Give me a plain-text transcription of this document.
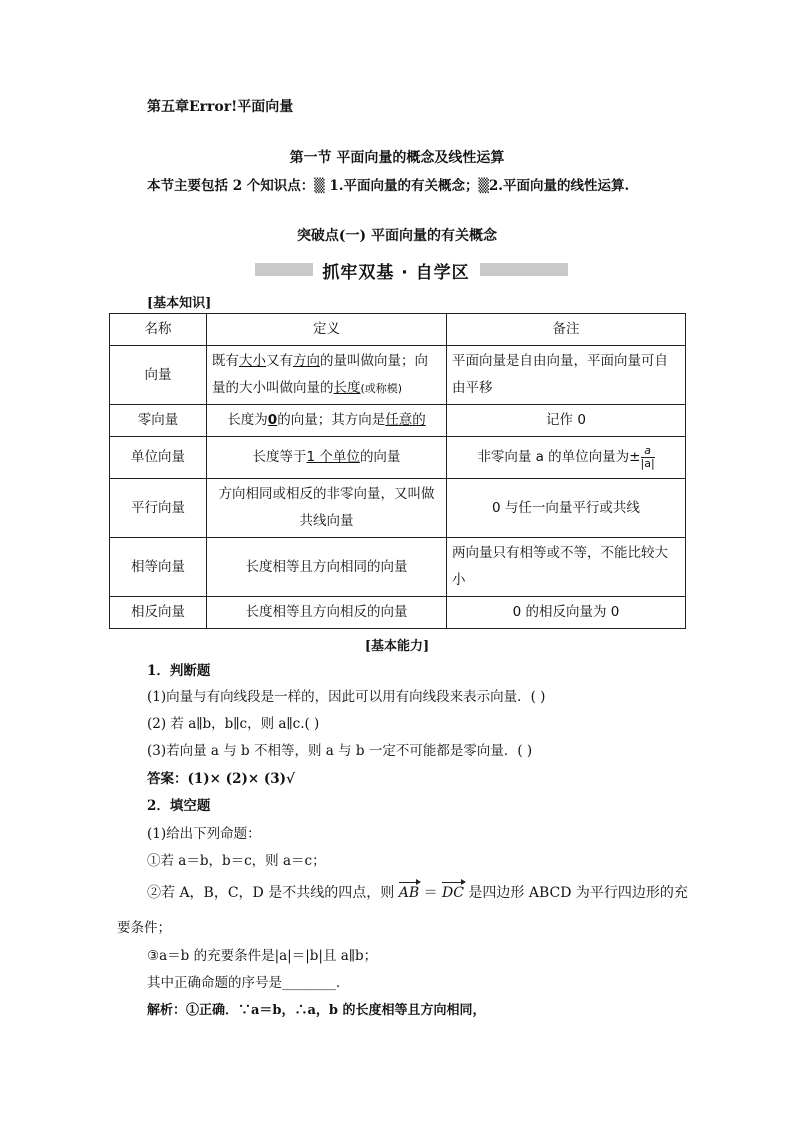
第五章Error!平面向量
第一节 平面向量的概念及线性运算
本节主要包括 2 个知识点：▒ 1.平面向量的有关概念；▒2.平面向量的线性运算.
突破点(一) 平面向量的有关概念
抓牢双基 · 自学区
[基本知识]
名称	定义	备注
向量	既有大小又有方向的量叫做向量；向量的大小叫做向量的长度(或称模)	平面向量是自由向量，平面向量可自由平移
零向量	长度为0的向量；其方向是任意的	记作 0
单位向量	长度等于1 个单位的向量	非零向量 a 的单位向量为± $\frac{a}{|a|}$

平行向量	方向相同或相反的非零向量，又叫做共线向量	0 与任一向量平行或共线
相等向量	长度相等且方向相同的向量	两向量只有相等或不等，不能比较大小
相反向量	长度相等且方向相反的向量	0 的相反向量为 0
[基本能力]
1．判断题
(1)向量与有向线段是一样的，因此可以用有向线段来表示向量．( )
(2) 若 a∥b，b∥c，则 a∥c.( )
(3)若向量 a 与 b 不相等，则 a 与 b 一定不可能都是零向量．( )
答案：(1)× (2)× (3)√
2．填空题
(1)给出下列命题：
①若 a＝b，b＝c，则 a＝c；
②若 A，B，C，D 是不共线的四点，则 AB ＝ DC 是四边形 ABCD 为平行四边形的充
要条件；
③a＝b 的充要条件是|a|＝|b|且 a∥b；
其中正确命题的序号是________．
解析：①正确．∵a＝b，∴a，b 的长度相等且方向相同，
